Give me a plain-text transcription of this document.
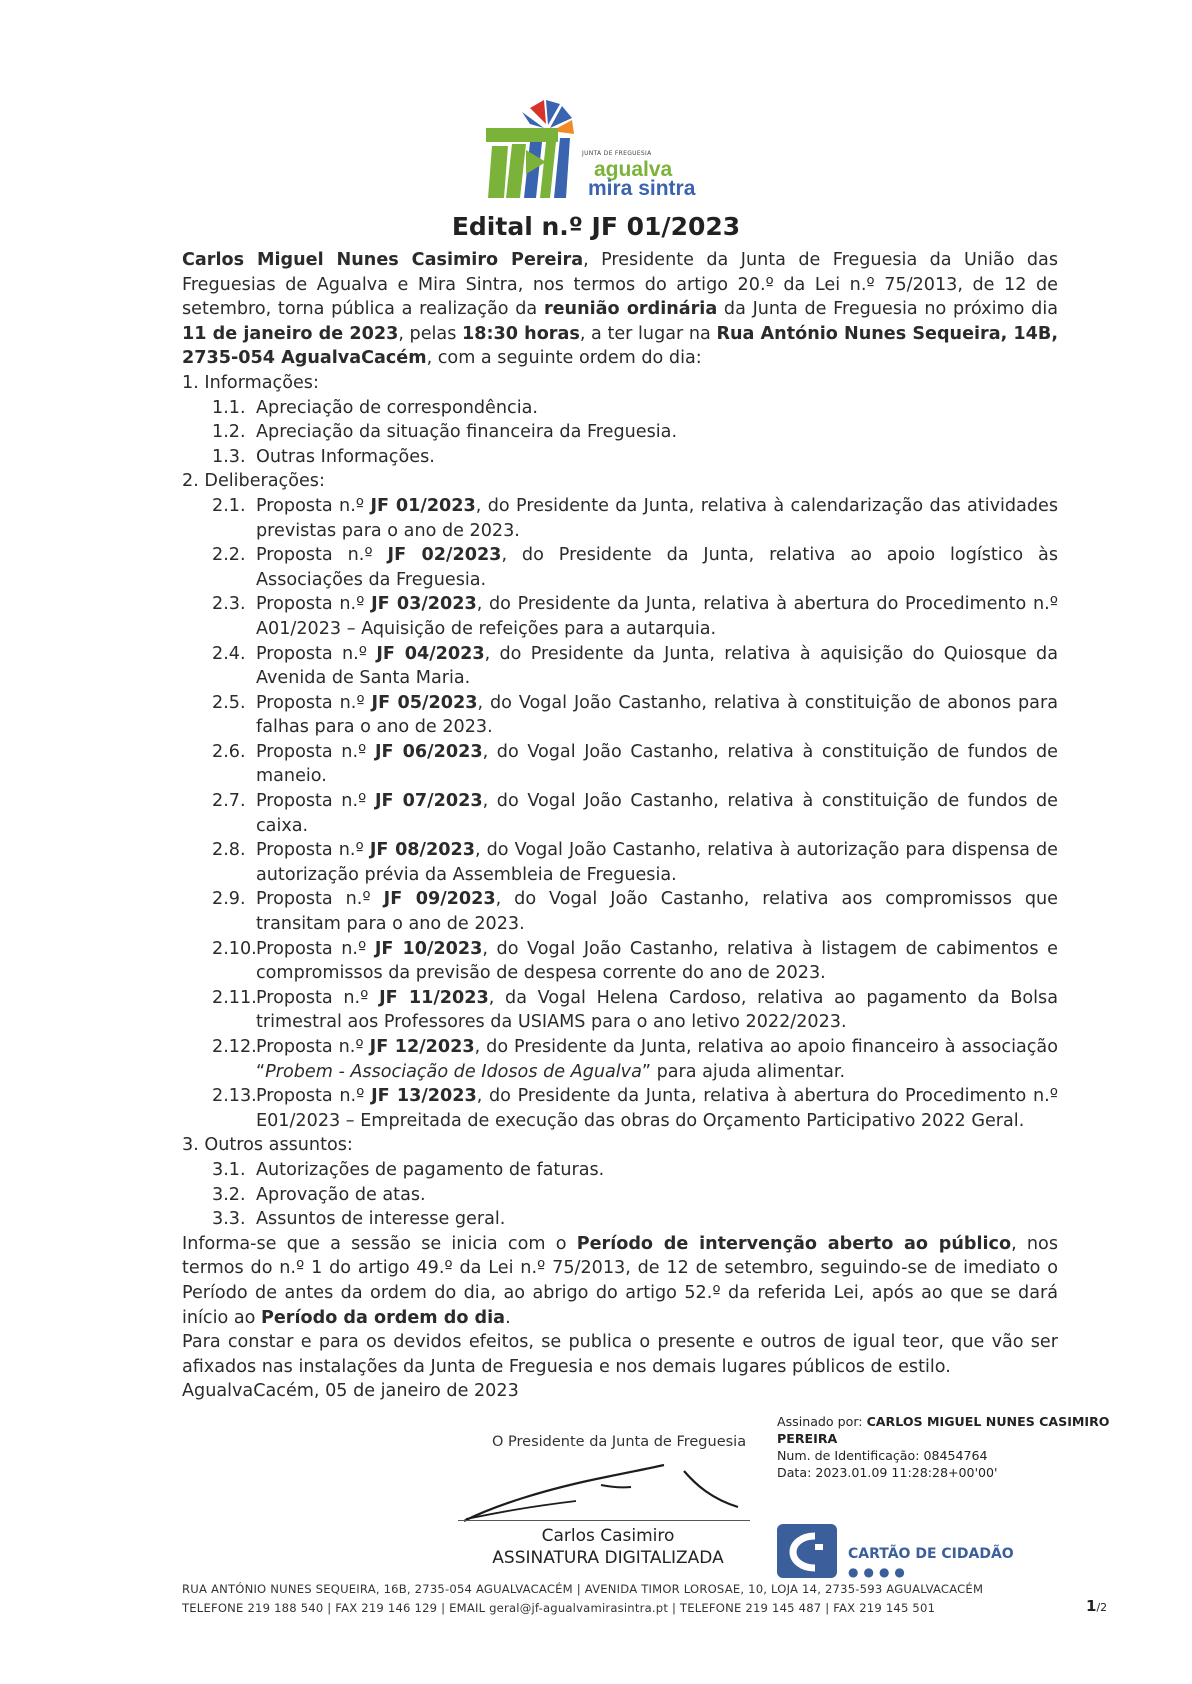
JUNTA DE FREGUESIA
agualva
mira sintra
Edital n.º JF 01/2023

Carlos Miguel Nunes Casimiro Pereira, Presidente da Junta de Freguesia da União das Freguesias de Agualva e Mira Sintra, nos termos do artigo 20.º da Lei n.º 75/2013, de 12 de setembro, torna pública a realização da reunião ordinária da Junta de Freguesia no próximo dia 11 de janeiro de 2023, pelas 18:30 horas, a ter lugar na Rua António Nunes Sequeira, 14B, 2735-054 AgualvaCacém, com a seguinte ordem do dia:

1. Informações:

1.1. Apreciação de correspondência.
1.2. Apreciação da situação financeira da Freguesia.
1.3. Outras Informações.

2. Deliberações:

2.1. Proposta n.º JF 01/2023, do Presidente da Junta, relativa à calendarização das atividades previstas para o ano de 2023.
2.2. Proposta n.º JF 02/2023, do Presidente da Junta, relativa ao apoio logístico às Associações da Freguesia.
2.3. Proposta n.º JF 03/2023, do Presidente da Junta, relativa à abertura do Procedimento n.º A01/2023 – Aquisição de refeições para a autarquia.
2.4. Proposta n.º JF 04/2023, do Presidente da Junta, relativa à aquisição do Quiosque da Avenida de Santa Maria.
2.5. Proposta n.º JF 05/2023, do Vogal João Castanho, relativa à constituição de abonos para falhas para o ano de 2023.
2.6. Proposta n.º JF 06/2023, do Vogal João Castanho, relativa à constituição de fundos de maneio.
2.7. Proposta n.º JF 07/2023, do Vogal João Castanho, relativa à constituição de fundos de caixa.
2.8. Proposta n.º JF 08/2023, do Vogal João Castanho, relativa à autorização para dispensa de autorização prévia da Assembleia de Freguesia.
2.9. Proposta n.º JF 09/2023, do Vogal João Castanho, relativa aos compromissos que transitam para o ano de 2023.
2.10. Proposta n.º JF 10/2023, do Vogal João Castanho, relativa à listagem de cabimentos e compromissos da previsão de despesa corrente do ano de 2023.
2.11. Proposta n.º JF 11/2023, da Vogal Helena Cardoso, relativa ao pagamento da Bolsa trimestral aos Professores da USIAMS para o ano letivo 2022/2023.
2.12. Proposta n.º JF 12/2023, do Presidente da Junta, relativa ao apoio financeiro à associação “Probem - Associação de Idosos de Agualva” para ajuda alimentar.
2.13. Proposta n.º JF 13/2023, do Presidente da Junta, relativa à abertura do Procedimento n.º E01/2023 – Empreitada de execução das obras do Orçamento Participativo 2022 Geral.

3. Outros assuntos:

3.1. Autorizações de pagamento de faturas.
3.2. Aprovação de atas.
3.3. Assuntos de interesse geral.

Informa-se que a sessão se inicia com o Período de intervenção aberto ao público, nos termos do n.º 1 do artigo 49.º da Lei n.º 75/2013, de 12 de setembro, seguindo-se de imediato o Período de antes da ordem do dia, ao abrigo do artigo 52.º da referida Lei, após ao que se dará início ao Período da ordem do dia.

Para constar e para os devidos efeitos, se publica o presente e outros de igual teor, que vão ser afixados nas instalações da Junta de Freguesia e nos demais lugares públicos de estilo.

AgualvaCacém, 05 de janeiro de 2023

Assinado por: CARLOS MIGUEL NUNES CASIMIRO
PEREIRA
Num. de Identificação: 08454764
Data: 2023.01.09 11:28:28+00'00'
O Presidente da Junta de Freguesia
Carlos Casimiro
ASSINATURA DIGITALIZADA	CARTÃO DE CIDADÃO
●●●●
RUA ANTÓNIO NUNES SEQUEIRA, 16B, 2735-054 AGUALVACACÉM | AVENIDA TIMOR LOROSAE, 10, LOJA 14, 2735-593 AGUALVACACÉM
TELEFONE 219 188 540 | FAX 219 146 129 | EMAIL geral@jf-agualvamirasintra.pt | TELEFONE 219 145 487 | FAX 219 145 501	1/2
